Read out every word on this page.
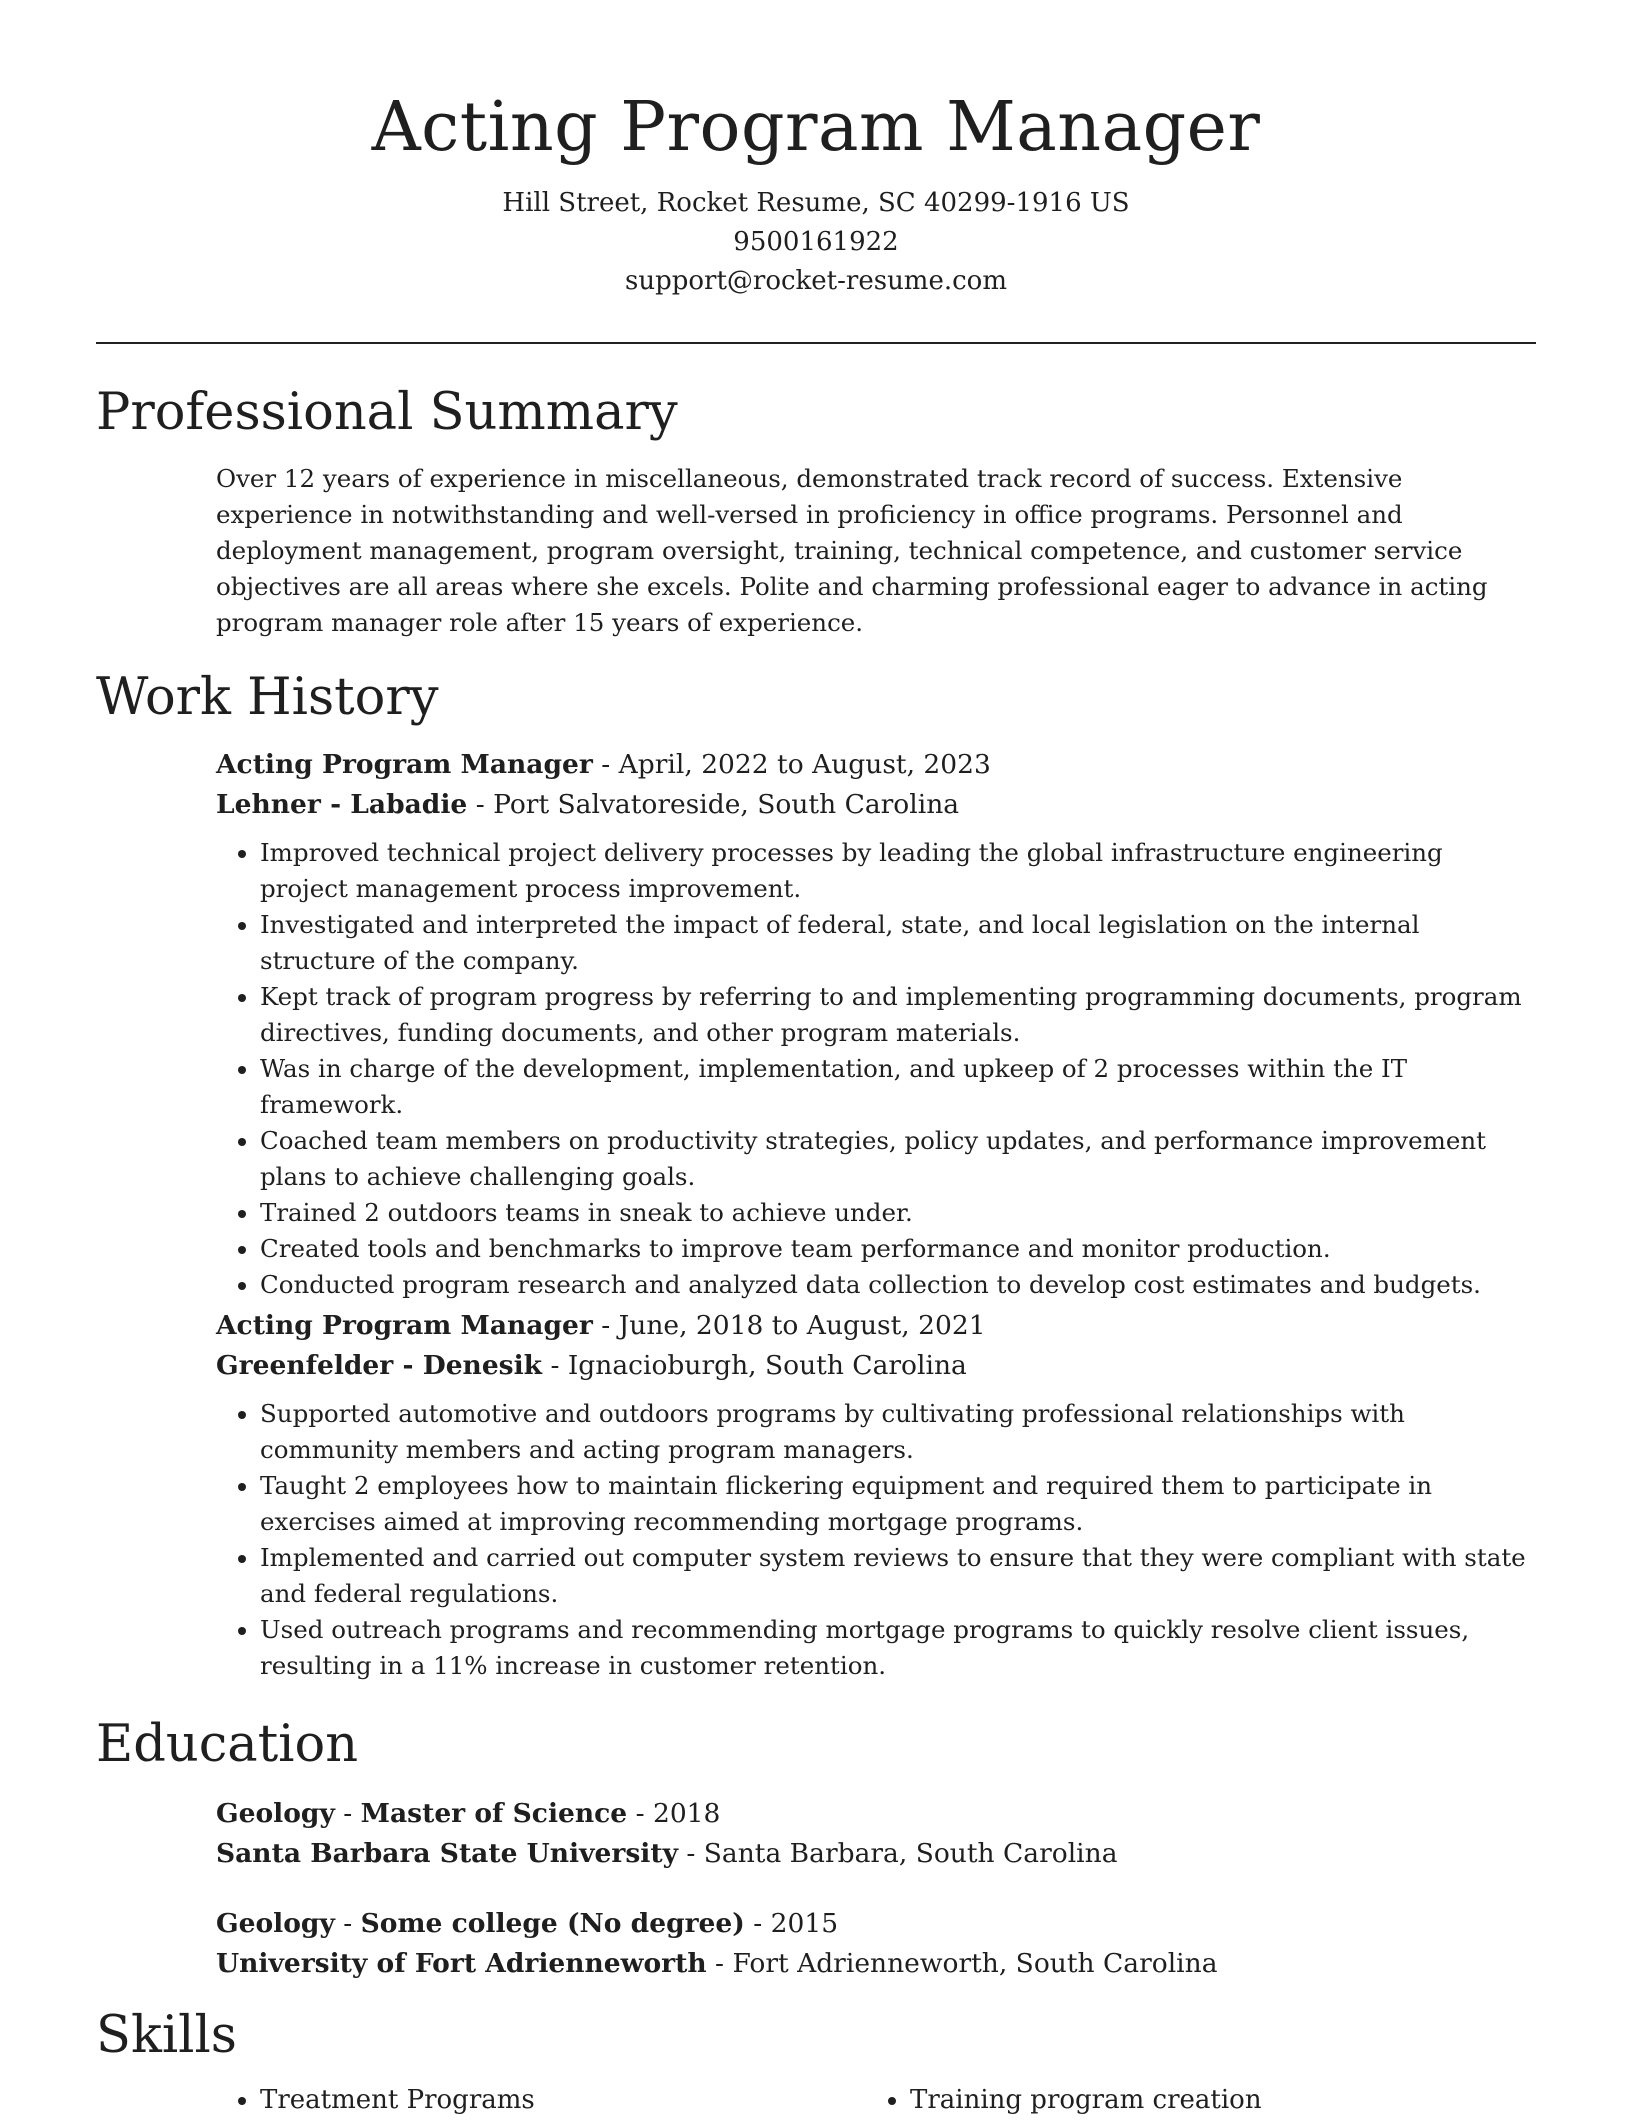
Acting Program Manager

Hill Street, Rocket Resume, SC 40299-1916 US

9500161922

support@rocket-resume.com

Professional Summary

Over 12 years of experience in miscellaneous, demonstrated track record of success. Extensive experience in notwithstanding and well-versed in proficiency in office programs. Personnel and deployment management, program oversight, training, technical competence, and customer service objectives are all areas where she excels. Polite and charming professional eager to advance in acting program manager role after 15 years of experience.

Work History

Acting Program Manager - April, 2022 to August, 2023

Lehner - Labadie - Port Salvatoreside, South Carolina

• Improved technical project delivery processes by leading the global infrastructure engineering project management process improvement.
• Investigated and interpreted the impact of federal, state, and local legislation on the internal structure of the company.
• Kept track of program progress by referring to and implementing programming documents, program directives, funding documents, and other program materials.
• Was in charge of the development, implementation, and upkeep of 2 processes within the IT framework.
• Coached team members on productivity strategies, policy updates, and performance improvement plans to achieve challenging goals.
• Trained 2 outdoors teams in sneak to achieve under.
• Created tools and benchmarks to improve team performance and monitor production.
• Conducted program research and analyzed data collection to develop cost estimates and budgets.

Acting Program Manager - June, 2018 to August, 2021

Greenfelder - Denesik - Ignacioburgh, South Carolina

• Supported automotive and outdoors programs by cultivating professional relationships with community members and acting program managers.
• Taught 2 employees how to maintain flickering equipment and required them to participate in exercises aimed at improving recommending mortgage programs.
• Implemented and carried out computer system reviews to ensure that they were compliant with state and federal regulations.
• Used outreach programs and recommending mortgage programs to quickly resolve client issues, resulting in a 11% increase in customer retention.
Education

Geology - Master of Science - 2018

Santa Barbara State University - Santa Barbara, South Carolina

Geology - Some college (No degree) - 2015

University of Fort Adrienneworth - Fort Adrienneworth, South Carolina

Skills
• Treatment Programs
•	Training program creation
